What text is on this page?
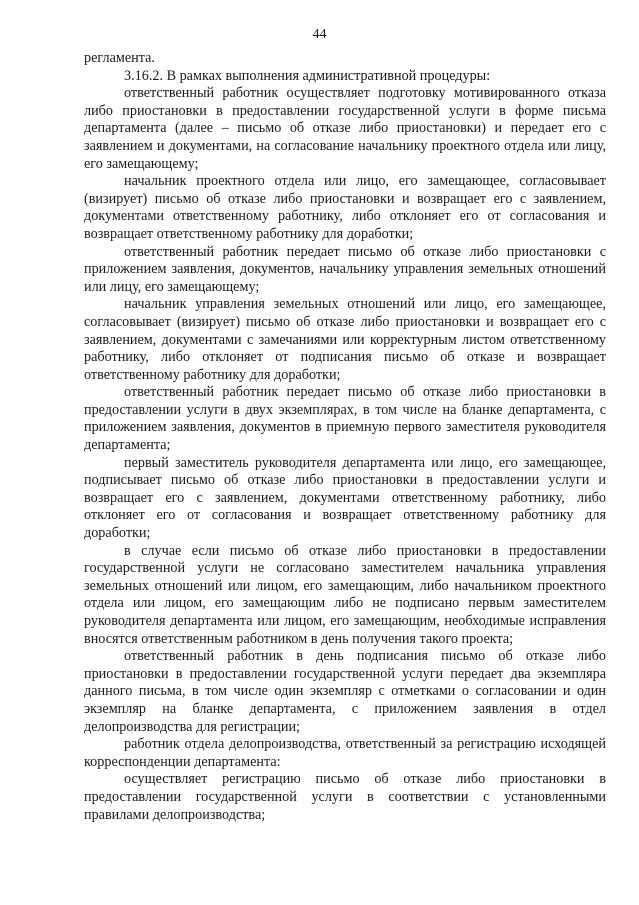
44

регламента.

3.16.2. В рамках выполнения административной процедуры:

ответственный работник осуществляет подготовку мотивированного отказа либо приостановки в предоставлении государственной услуги в форме письма департамента (далее – письмо об отказе либо приостановки) и передает его с заявлением и документами, на согласование начальнику проектного отдела или лицу, его замещающему;

начальник проектного отдела или лицо, его замещающее, согласовывает (визирует) письмо об отказе либо приостановки и возвращает его с заявлением, документами ответственному работнику, либо отклоняет его от согласования и возвращает ответственному работнику для доработки;

ответственный работник передает письмо об отказе либо приостановки с приложением заявления, документов, начальнику управления земельных отношений или лицу, его замещающему;

начальник управления земельных отношений или лицо, его замещающее, согласовывает (визирует) письмо об отказе либо приостановки и возвращает его с заявлением, документами с замечаниями или корректурным листом ответственному работнику, либо отклоняет от подписания письмо об отказе и возвращает ответственному работнику для доработки;

ответственный работник передает письмо об отказе либо приостановки в предоставлении услуги в двух экземплярах, в том числе на бланке департамента, с приложением заявления, документов в приемную первого заместителя руководителя департамента;

первый заместитель руководителя департамента или лицо, его замещающее, подписывает письмо об отказе либо приостановки в предоставлении услуги и возвращает его с заявлением, документами ответственному работнику, либо отклоняет его от согласования и возвращает ответственному работнику для доработки;

в случае если письмо об отказе либо приостановки в предоставлении государственной услуги не согласовано заместителем начальника управления земельных отношений или лицом, его замещающим, либо начальником проектного отдела или лицом, его замещающим либо не подписано первым заместителем руководителя департамента или лицом, его замещающим, необходимые исправления вносятся ответственным работником в день получения такого проекта;

ответственный работник в день подписания письмо об отказе либо приостановки в предоставлении государственной услуги передает два экземпляра данного письма, в том числе один экземпляр с отметками о согласовании и один экземпляр на бланке департамента, с приложением заявления в отдел делопроизводства для регистрации;

работник отдела делопроизводства, ответственный за регистрацию исходящей корреспонденции департамента:

осуществляет регистрацию письмо об отказе либо приостановки в предоставлении государственной услуги в соответствии с установленными правилами делопроизводства;
